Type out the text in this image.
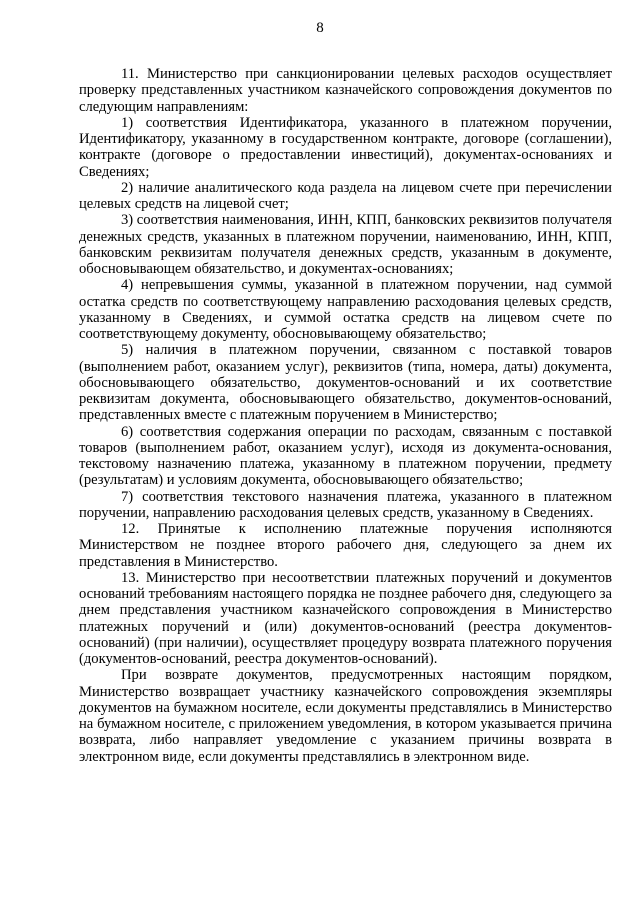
8

11. Министерство при санкционировании целевых расходов осуществляет проверку представленных участником казначейского сопровождения документов по следующим направлениям:

1) соответствия Идентификатора, указанного в платежном поручении, Идентификатору, указанному в государственном контракте, договоре (соглашении), контракте (договоре о предоставлении инвестиций), документах-основаниях и Сведениях;

2) наличие аналитического кода раздела на лицевом счете при перечислении целевых средств на лицевой счет;

3) соответствия наименования, ИНН, КПП, банковских реквизитов получателя денежных средств, указанных в платежном поручении, наименованию, ИНН, КПП, банковским реквизитам получателя денежных средств, указанным в документе, обосновывающем обязательство, и документах-основаниях;

4) непревышения суммы, указанной в платежном поручении, над суммой остатка средств по соответствующему направлению расходования целевых средств, указанному в Сведениях, и суммой остатка средств на лицевом счете по соответствующему документу, обосновывающему обязательство;

5) наличия в платежном поручении, связанном с поставкой товаров (выполнением работ, оказанием услуг), реквизитов (типа, номера, даты) документа, обосновывающего обязательство, документов-оснований и их соответствие реквизитам документа, обосновывающего обязательство, документов-оснований, представленных вместе с платежным поручением в Министерство;

6) соответствия содержания операции по расходам, связанным с поставкой товаров (выполнением работ, оказанием услуг), исходя из документа-основания, текстовому назначению платежа, указанному в платежном поручении, предмету (результатам) и условиям документа, обосновывающего обязательство;

7) соответствия текстового назначения платежа, указанного в платежном поручении, направлению расходования целевых средств, указанному в Сведениях.

12. Принятые к исполнению платежные поручения исполняются Министерством не позднее второго рабочего дня, следующего за днем их представления в Министерство.

13. Министерство при несоответствии платежных поручений и документов оснований требованиям настоящего порядка не позднее рабочего дня, следующего за днем представления участником казначейского сопровождения в Министерство платежных поручений и (или) документов-оснований (реестра документов-оснований) (при наличии), осуществляет процедуру возврата платежного поручения (документов-оснований, реестра документов-оснований).

При возврате документов, предусмотренных настоящим порядком, Министерство возвращает участнику казначейского сопровождения экземпляры документов на бумажном носителе, если документы представлялись в Министерство на бумажном носителе, с приложением уведомления, в котором указывается причина возврата, либо направляет уведомление с указанием причины возврата в электронном виде, если документы представлялись в электронном виде.
